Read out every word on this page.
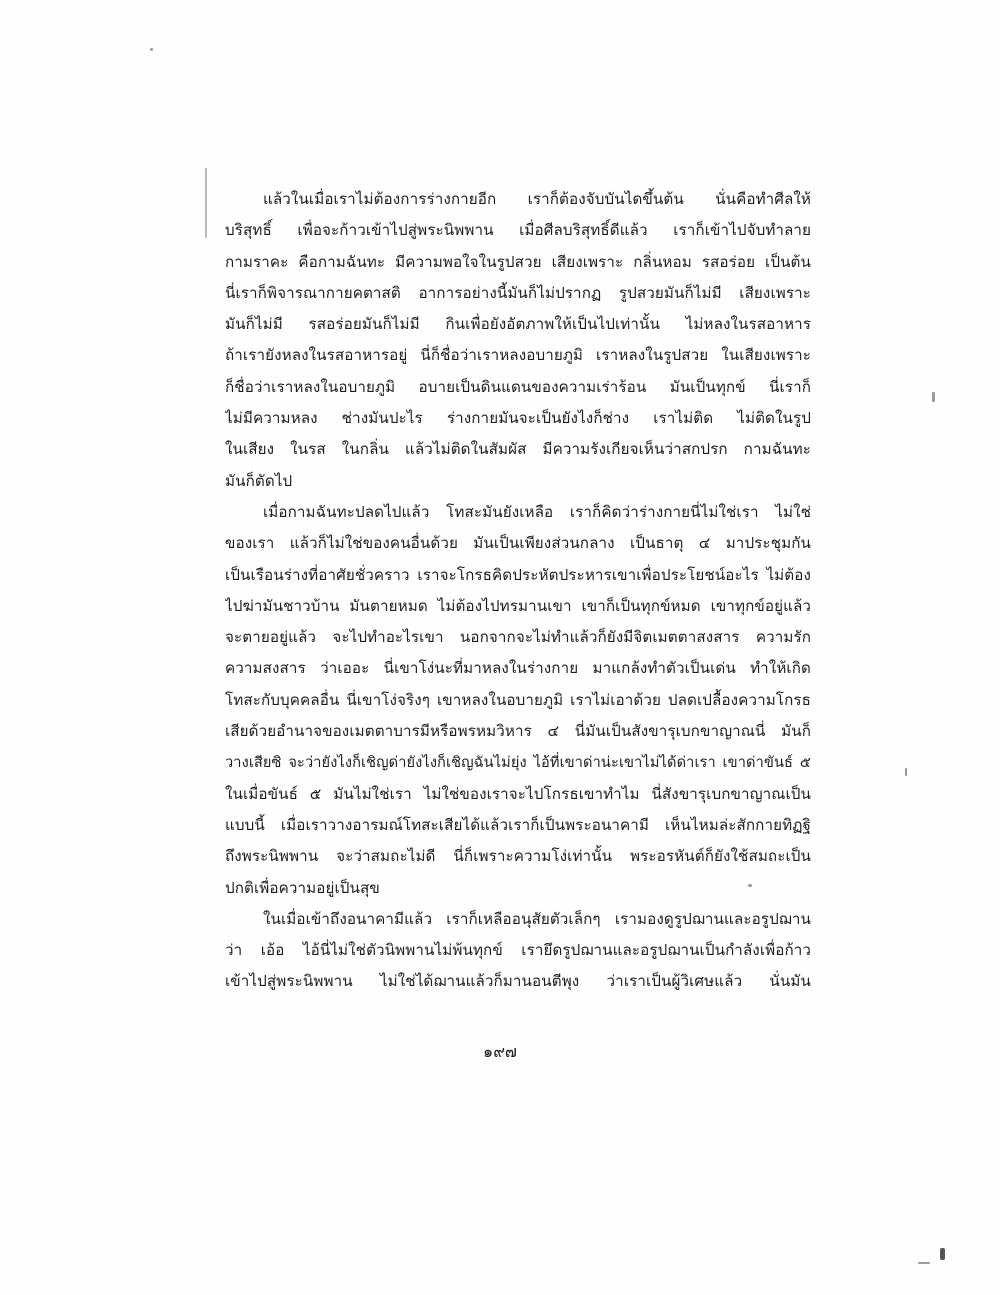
แล้วในเมื่อเราไม่ต้องการร่างกายอีก เราก็ต้องจับบันไดขึ้นต้น นั่นคือทำศีลให้
บริสุทธิ์ เพื่อจะก้าวเข้าไปสู่พระนิพพาน เมื่อศีลบริสุทธิ์ดีแล้ว เราก็เข้าไปจับทำลาย
กามราคะ คือกามฉันทะ มีความพอใจในรูปสวย เสียงเพราะ กลิ่นหอม รสอร่อย เป็นต้น
นี่เราก็พิจารณากายคตาสติ อาการอย่างนี้มันก็ไม่ปรากฏ รูปสวยมันก็ไม่มี เสียงเพราะ
มันก็ไม่มี รสอร่อยมันก็ไม่มี กินเพื่อยังอัตภาพให้เป็นไปเท่านั้น ไม่หลงในรสอาหาร
ถ้าเรายังหลงในรสอาหารอยู่ นี่ก็ชื่อว่าเราหลงอบายภูมิ เราหลงในรูปสวย ในเสียงเพราะ
ก็ชื่อว่าเราหลงในอบายภูมิ อบายเป็นดินแดนของความเร่าร้อน มันเป็นทุกข์ นี่เราก็
ไม่มีความหลง ช่างมันปะไร ร่างกายมันจะเป็นยังไงก็ช่าง เราไม่ติด ไม่ติดในรูป
ในเสียง ในรส ในกลิ่น แล้วไม่ติดในสัมผัส มีความรังเกียจเห็นว่าสกปรก กามฉันทะ
มันก็ตัดไป
เมื่อกามฉันทะปลดไปแล้ว โทสะมันยังเหลือ เราก็คิดว่าร่างกายนี่ไม่ใช่เรา ไม่ใช่
ของเรา แล้วก็ไม่ใช่ของคนอื่นด้วย มันเป็นเพียงส่วนกลาง เป็นธาตุ ๔ มาประชุมกัน
เป็นเรือนร่างที่อาศัยชั่วคราว เราจะโกรธคิดประหัตประหารเขาเพื่อประโยชน์อะไร ไม่ต้อง
ไปฆ่ามันชาวบ้าน มันตายหมด ไม่ต้องไปทรมานเขา เขาก็เป็นทุกข์หมด เขาทุกข์อยู่แล้ว
จะตายอยู่แล้ว จะไปทำอะไรเขา นอกจากจะไม่ทำแล้วก็ยังมีจิตเมตตาสงสาร ความรัก
ความสงสาร ว่าเออะ นี่เขาโง่นะที่มาหลงในร่างกาย มาแกล้งทำตัวเป็นเด่น ทำให้เกิด
โทสะกับบุคคลอื่น นี่เขาโง่จริงๆ เขาหลงในอบายภูมิ เราไม่เอาด้วย ปลดเปลื้องความโกรธ
เสียด้วยอำนาจของเมตตาบารมีหรือพรหมวิหาร ๔ นี่มันเป็นสังขารุเบกขาญาณนี่ มันก็
วางเสียซิ จะว่ายังไงก็เชิญด่ายังไงก็เชิญฉันไม่ยุ่ง ไอ้ที่เขาด่าน่ะเขาไม่ได้ด่าเรา เขาด่าขันธ์ ๕
ในเมื่อขันธ์ ๕ มันไม่ใช่เรา ไม่ใช่ของเราจะไปโกรธเขาทำไม นี่สังขารุเบกขาญาณเป็น
แบบนี้ เมื่อเราวางอารมณ์โทสะเสียได้แล้วเราก็เป็นพระอนาคามี เห็นไหมล่ะสักกายทิฏฐิ
ถึงพระนิพพาน จะว่าสมถะไม่ดี นี่ก็เพราะความโง่เท่านั้น พระอรหันต์ก็ยังใช้สมถะเป็น
ปกติเพื่อความอยู่เป็นสุข
ในเมื่อเข้าถึงอนาคามีแล้ว เราก็เหลืออนุสัยตัวเล็กๆ เรามองดูรูปฌานและอรูปฌาน
ว่า เอ้อ ไอ้นี่ไม่ใช่ตัวนิพพานไม่พ้นทุกข์ เรายึดรูปฌานและอรูปฌานเป็นกำลังเพื่อก้าว
เข้าไปสู่พระนิพพาน ไม่ใช่ได้ฌานแล้วก็มานอนตีพุง ว่าเราเป็นผู้วิเศษแล้ว นั่นมัน
๑๙๗
